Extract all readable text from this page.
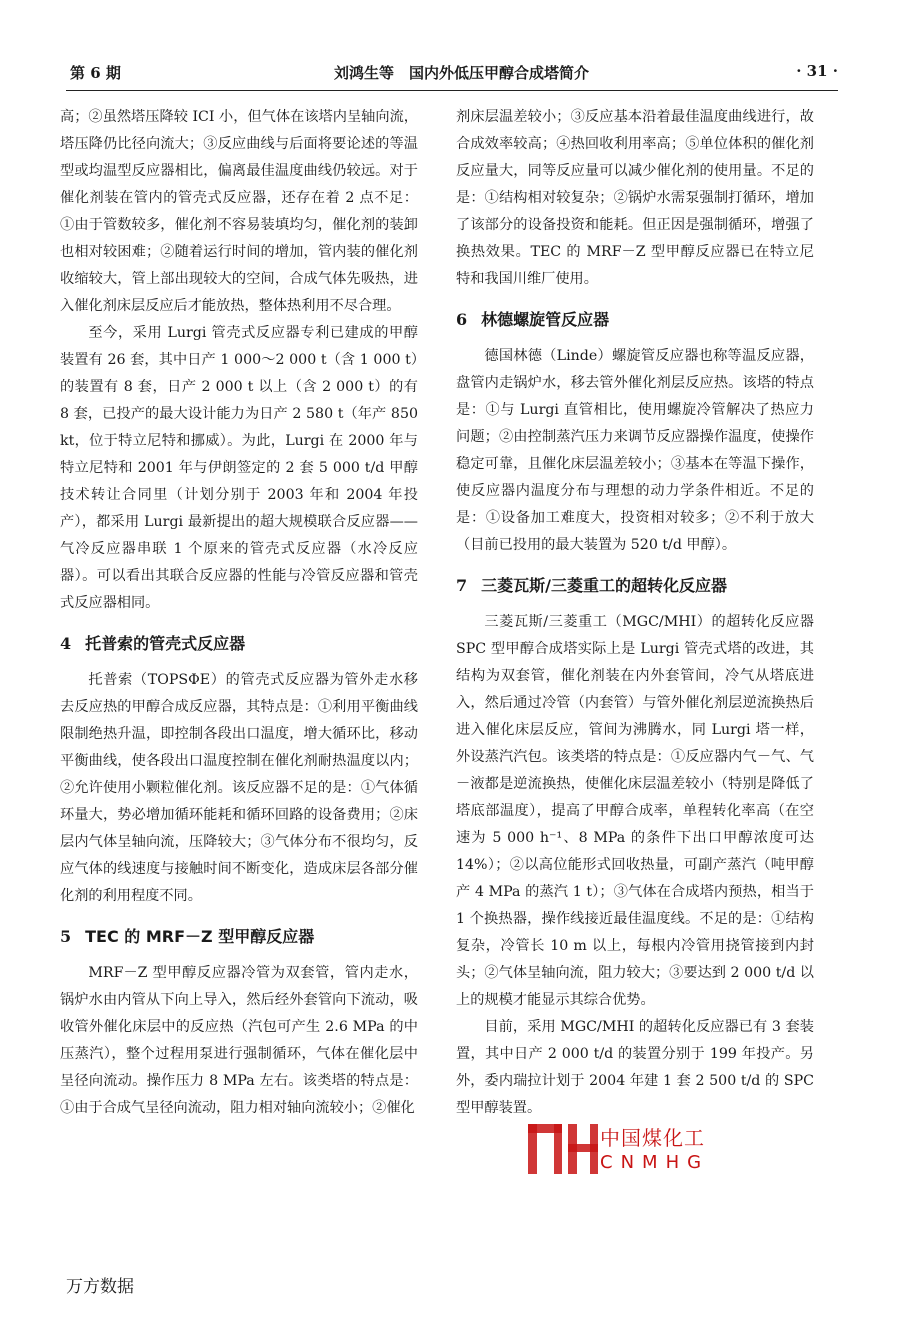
第 6 期	刘鸿生等　国内外低压甲醇合成塔简介	· 31 ·

高；②虽然塔压降较 ICI 小，但气体在该塔内呈轴向流，塔压降仍比径向流大；③反应曲线与后面将要论述的等温型或均温型反应器相比，偏离最佳温度曲线仍较远。对于催化剂装在管内的管壳式反应器，还存在着 2 点不足：①由于管数较多，催化剂不容易装填均匀，催化剂的装卸也相对较困难；②随着运行时间的增加，管内装的催化剂收缩较大，管上部出现较大的空间，合成气体先吸热，进入催化剂床层反应后才能放热，整体热利用不尽合理。

至今，采用 Lurgi 管壳式反应器专利已建成的甲醇装置有 26 套，其中日产 1 000～2 000 t（含 1 000 t）的装置有 8 套，日产 2 000 t 以上（含 2 000 t）的有 8 套，已投产的最大设计能力为日产 2 580 t（年产 850 kt，位于特立尼特和挪威）。为此，Lurgi 在 2000 年与特立尼特和 2001 年与伊朗签定的 2 套 5 000 t/d 甲醇技术转让合同里（计划分别于 2003 年和 2004 年投产），都采用 Lurgi 最新提出的超大规模联合反应器——气冷反应器串联 1 个原来的管壳式反应器（水冷反应器）。可以看出其联合反应器的性能与冷管反应器和管壳式反应器相同。

4 托普索的管壳式反应器

托普索（TOPSΦE）的管壳式反应器为管外走水移去反应热的甲醇合成反应器，其特点是：①利用平衡曲线限制绝热升温，即控制各段出口温度，增大循环比，移动平衡曲线，使各段出口温度控制在催化剂耐热温度以内；②允许使用小颗粒催化剂。该反应器不足的是：①气体循环量大，势必增加循环能耗和循环回路的设备费用；②床层内气体呈轴向流，压降较大；③气体分布不很均匀，反应气体的线速度与接触时间不断变化，造成床层各部分催化剂的利用程度不同。

5 TEC 的 MRF－Z 型甲醇反应器

MRF－Z 型甲醇反应器冷管为双套管，管内走水，锅炉水由内管从下向上导入，然后经外套管向下流动，吸收管外催化床层中的反应热（汽包可产生 2.6 MPa 的中压蒸汽），整个过程用泵进行强制循环，气体在催化层中呈径向流动。操作压力 8 MPa 左右。该类塔的特点是：①由于合成气呈径向流动，阻力相对轴向流较小；②催化

剂床层温差较小；③反应基本沿着最佳温度曲线进行，故合成效率较高；④热回收利用率高；⑤单位体积的催化剂反应量大，同等反应量可以减少催化剂的使用量。不足的是：①结构相对较复杂；②锅炉水需泵强制打循环，增加了该部分的设备投资和能耗。但正因是强制循环，增强了换热效果。TEC 的 MRF－Z 型甲醇反应器已在特立尼特和我国川维厂使用。

6 林德螺旋管反应器

德国林德（Linde）螺旋管反应器也称等温反应器，盘管内走锅炉水，移去管外催化剂层反应热。该塔的特点是：①与 Lurgi 直管相比，使用螺旋冷管解决了热应力问题；②由控制蒸汽压力来调节反应器操作温度，使操作稳定可靠，且催化床层温差较小；③基本在等温下操作，使反应器内温度分布与理想的动力学条件相近。不足的是：①设备加工难度大，投资相对较多；②不利于放大（目前已投用的最大装置为 520 t/d 甲醇）。

7 三菱瓦斯/三菱重工的超转化反应器

三菱瓦斯/三菱重工（MGC/MHI）的超转化反应器 SPC 型甲醇合成塔实际上是 Lurgi 管壳式塔的改进，其结构为双套管，催化剂装在内外套管间，冷气从塔底进入，然后通过冷管（内套管）与管外催化剂层逆流换热后进入催化床层反应，管间为沸腾水，同 Lurgi 塔一样，外设蒸汽汽包。该类塔的特点是：①反应器内气－气、气－液都是逆流换热，使催化床层温差较小（特别是降低了塔底部温度），提高了甲醇合成率，单程转化率高（在空速为 5 000 h⁻¹、8 MPa 的条件下出口甲醇浓度可达 14%）；②以高位能形式回收热量，可副产蒸汽（吨甲醇产 4 MPa 的蒸汽 1 t）；③气体在合成塔内预热，相当于 1 个换热器，操作线接近最佳温度线。不足的是：①结构复杂，冷管长 10 m 以上，每根内冷管用挠管接到内封头；②气体呈轴向流，阻力较大；③要达到 2 000 t/d 以上的规模才能显示其综合优势。

目前，采用 MGC/MHI 的超转化反应器已有 3 套装置，其中日产 2 000 t/d 的装置分别于 199 年投产。另外，委内瑞拉计划于 2004 年建 1 套 2 500 t/d 的 SPC 型甲醇装置。

中国煤化工
CNMHG
万方数据
